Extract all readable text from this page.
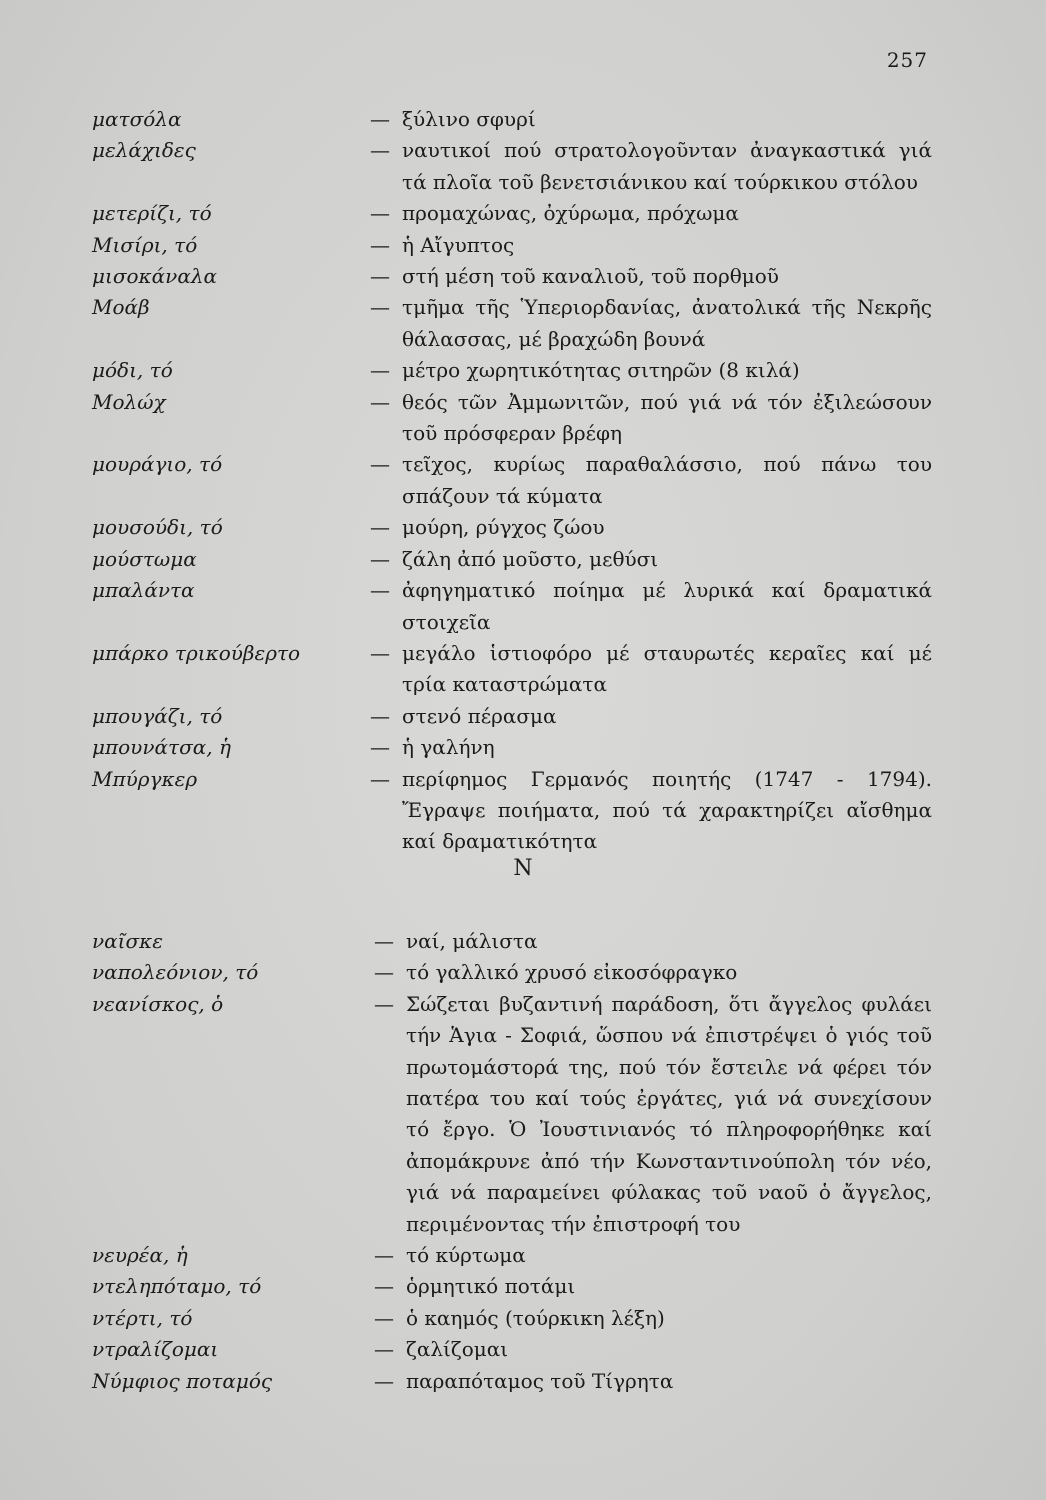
257
ματσόλα	— ξύλινο σφυρί
μελάχιδες	— ναυτικοί πού στρατολογοῦνταν ἀναγκαστικά γιά τά πλοῖα τοῦ βενετσιάνικου καί τούρκικου στόλου
μετερίζι, τό	— προμαχώνας, ὀχύρωμα, πρόχωμα
Μισίρι, τό	— ἡ Αἴγυπτος
μισοκάναλα	— στή μέση τοῦ καναλιοῦ, τοῦ πορθμοῦ
Μοάβ	— τμῆμα τῆς Ὑπεριορδανίας, ἀνατολικά τῆς Νεκρῆς θάλασσας, μέ βραχώδη βουνά
μόδι, τό	— μέτρο χωρητικότητας σιτηρῶν (8 κιλά)
Μολώχ	— θεός τῶν Ἀμμωνιτῶν, πού γιά νά τόν ἐξιλεώσουν τοῦ πρόσφεραν βρέφη
μουράγιο, τό	— τεῖχος, κυρίως παραθαλάσσιο, πού πάνω του σπάζουν τά κύματα
μουσούδι, τό	— μούρη, ρύγχος ζώου
μούστωμα	— ζάλη ἀπό μοῦστο, μεθύσι
μπαλάντα	— ἀφηγηματικό ποίημα μέ λυρικά καί δραματικά στοιχεῖα
μπάρκο τρικούβερτο	— μεγάλο ἱστιοφόρο μέ σταυρωτές κεραῖες καί μέ τρία καταστρώματα
μπουγάζι, τό	— στενό πέρασμα
μπουνάτσα, ἡ	— ἡ γαλήνη
Μπύργκερ	— περίφημος Γερμανός ποιητής (1747 - 1794). Ἔγραψε ποιήματα, πού τά χαρακτηρίζει αἴσθημα καί δραματικότητα
Ν
ναῖσκε	— ναί, μάλιστα
ναπολεόνιον, τό	— τό γαλλικό χρυσό εἰκοσόφραγκο
νεανίσκος, ὁ	— Σώζεται βυζαντινή παράδοση, ὅτι ἄγγελος φυλάει τήν Ἁγια - Σοφιά, ὥσπου νά ἐπιστρέψει ὁ γιός τοῦ πρωτομάστορά της, πού τόν ἔστειλε νά φέρει τόν πατέρα του καί τούς ἐργάτες, γιά νά συνεχίσουν τό ἔργο. Ὁ Ἰουστινιανός τό πληροφορήθηκε καί ἀπομάκρυνε ἀπό τήν Κωνσταντινούπολη τόν νέο, γιά νά παραμείνει φύλακας τοῦ ναοῦ ὁ ἄγγελος, περιμένοντας τήν ἐπιστροφή του
νευρέα, ἡ	— τό κύρτωμα
ντεληπόταμο, τό	— ὁρμητικό ποτάμι
ντέρτι, τό	— ὁ καημός (τούρκικη λέξη)
ντραλίζομαι	— ζαλίζομαι
Νύμφιος ποταμός	— παραπόταμος τοῦ Τίγρητα
